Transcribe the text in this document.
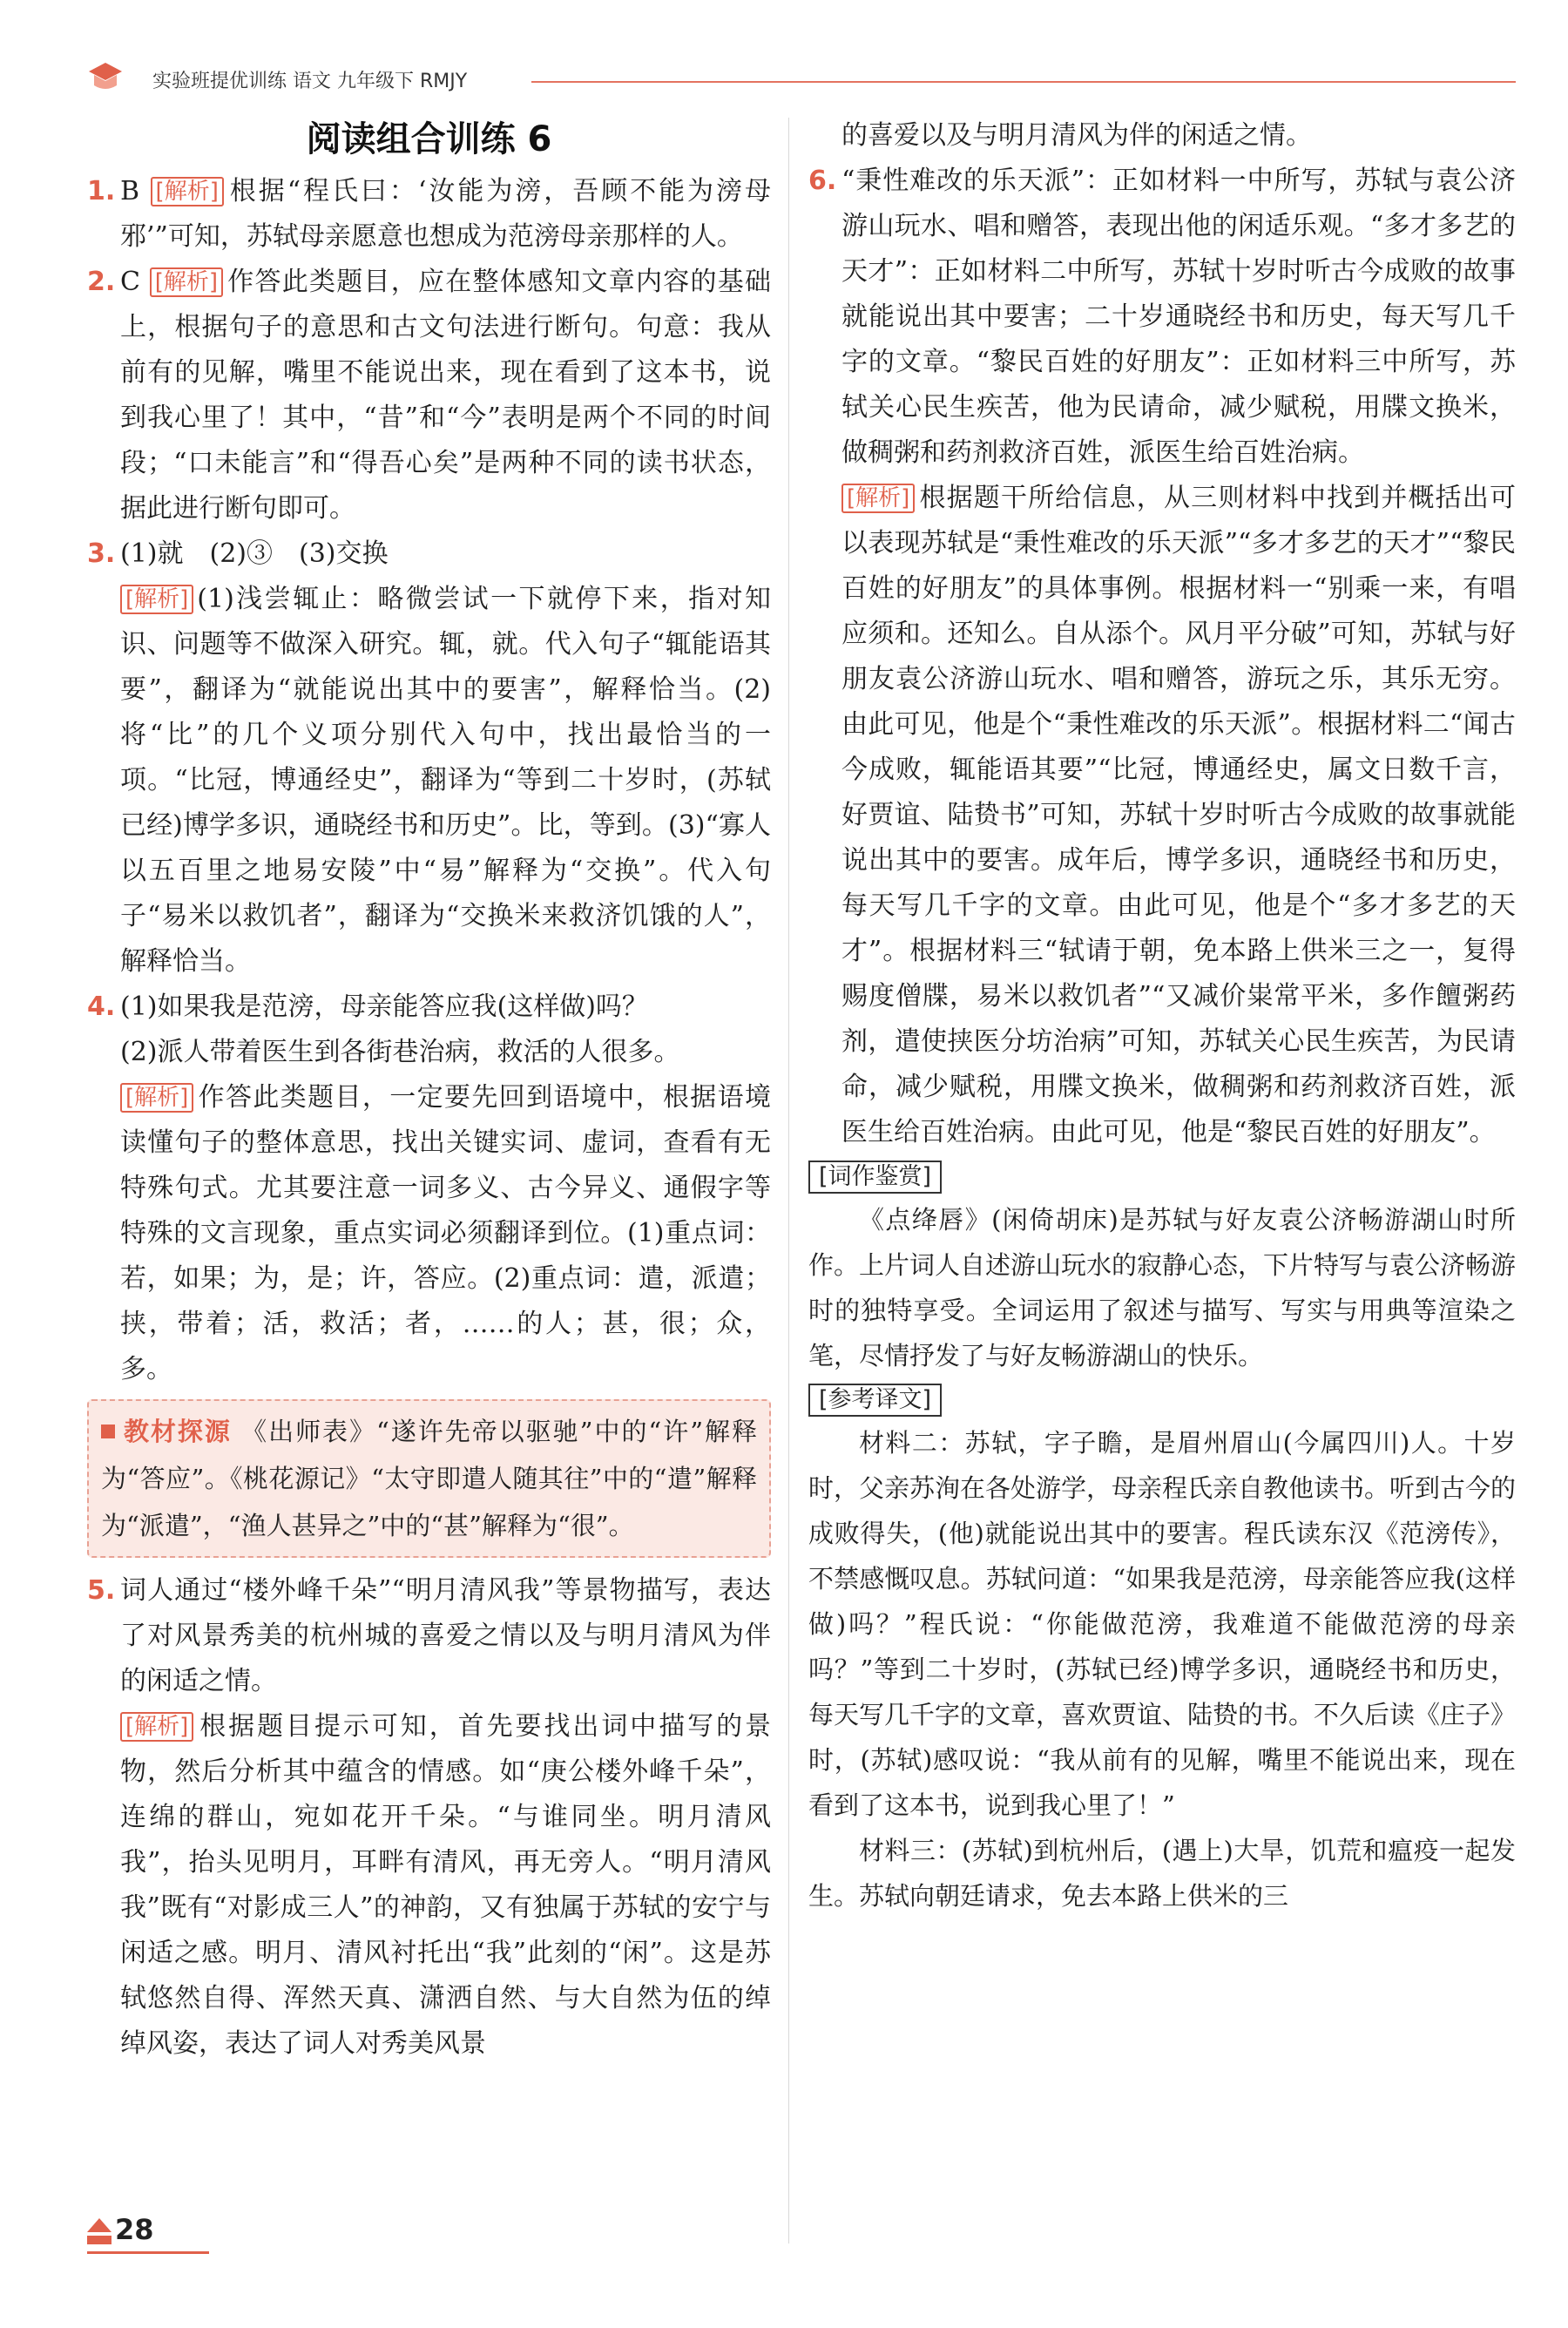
实验班提优训练 语文 九年级下 RMJY

阅读组合训练 6

1. B [解析] 根据“程氏曰：‘汝能为滂，吾顾不能为滂母邪’”可知，苏轼母亲愿意也想成为范滂母亲那样的人。

2. C [解析] 作答此类题目，应在整体感知文章内容的基础上，根据句子的意思和古文句法进行断句。句意：我从前有的见解，嘴里不能说出来，现在看到了这本书，说到我心里了！其中，“昔”和“今”表明是两个不同的时间段；“口未能言”和“得吾心矣”是两种不同的读书状态，据此进行断句即可。

3. (1)就　(2)③　(3)交换

[解析] (1)浅尝辄止：略微尝试一下就停下来，指对知识、问题等不做深入研究。辄，就。代入句子“辄能语其要”，翻译为“就能说出其中的要害”，解释恰当。(2)将“比”的几个义项分别代入句中，找出最恰当的一项。“比冠，博通经史”，翻译为“等到二十岁时，(苏轼已经)博学多识，通晓经书和历史”。比，等到。(3)“寡人以五百里之地易安陵”中“易”解释为“交换”。代入句子“易米以救饥者”，翻译为“交换米来救济饥饿的人”，解释恰当。

4. (1)如果我是范滂，母亲能答应我(这样做)吗？

(2)派人带着医生到各街巷治病，救活的人很多。

[解析] 作答此类题目，一定要先回到语境中，根据语境读懂句子的整体意思，找出关键实词、虚词，查看有无特殊句式。尤其要注意一词多义、古今异义、通假字等特殊的文言现象，重点实词必须翻译到位。(1)重点词：若，如果；为，是；许，答应。(2)重点词：遣，派遣；挟，带着；活，救活；者，……的人；甚，很；众，多。

教材探源 《出师表》“遂许先帝以驱驰”中的“许”解释为“答应”。《桃花源记》“太守即遣人随其往”中的“遣”解释为“派遣”，“渔人甚异之”中的“甚”解释为“很”。

5. 词人通过“楼外峰千朵”“明月清风我”等景物描写，表达了对风景秀美的杭州城的喜爱之情以及与明月清风为伴的闲适之情。

[解析] 根据题目提示可知，首先要找出词中描写的景物，然后分析其中蕴含的情感。如“庚公楼外峰千朵”，连绵的群山，宛如花开千朵。“与谁同坐。明月清风我”，抬头见明月，耳畔有清风，再无旁人。“明月清风我”既有“对影成三人”的神韵，又有独属于苏轼的安宁与闲适之感。明月、清风衬托出“我”此刻的“闲”。这是苏轼悠然自得、浑然天真、潇洒自然、与大自然为伍的绰绰风姿，表达了词人对秀美风景

的喜爱以及与明月清风为伴的闲适之情。

6. “秉性难改的乐天派”：正如材料一中所写，苏轼与袁公济游山玩水、唱和赠答，表现出他的闲适乐观。“多才多艺的天才”：正如材料二中所写，苏轼十岁时听古今成败的故事就能说出其中要害；二十岁通晓经书和历史，每天写几千字的文章。“黎民百姓的好朋友”：正如材料三中所写，苏轼关心民生疾苦，他为民请命，减少赋税，用牒文换米，做稠粥和药剂救济百姓，派医生给百姓治病。

[解析] 根据题干所给信息，从三则材料中找到并概括出可以表现苏轼是“秉性难改的乐天派”“多才多艺的天才”“黎民百姓的好朋友”的具体事例。根据材料一“别乘一来，有唱应须和。还知么。自从添个。风月平分破”可知，苏轼与好朋友袁公济游山玩水、唱和赠答，游玩之乐，其乐无穷。由此可见，他是个“秉性难改的乐天派”。根据材料二“闻古今成败，辄能语其要”“比冠，博通经史，属文日数千言，好贾谊、陆贽书”可知，苏轼十岁时听古今成败的故事就能说出其中的要害。成年后，博学多识，通晓经书和历史，每天写几千字的文章。由此可见，他是个“多才多艺的天才”。根据材料三“轼请于朝，免本路上供米三之一，复得赐度僧牒，易米以救饥者”“又减价粜常平米，多作饘粥药剂，遣使挟医分坊治病”可知，苏轼关心民生疾苦，为民请命，减少赋税，用牒文换米，做稠粥和药剂救济百姓，派医生给百姓治病。由此可见，他是“黎民百姓的好朋友”。

[词作鉴赏]

《点绛唇》(闲倚胡床)是苏轼与好友袁公济畅游湖山时所作。上片词人自述游山玩水的寂静心态，下片特写与袁公济畅游时的独特享受。全词运用了叙述与描写、写实与用典等渲染之笔，尽情抒发了与好友畅游湖山的快乐。

[参考译文]

材料二：苏轼，字子瞻，是眉州眉山(今属四川)人。十岁时，父亲苏洵在各处游学，母亲程氏亲自教他读书。听到古今的成败得失，(他)就能说出其中的要害。程氏读东汉《范滂传》，不禁感慨叹息。苏轼问道：“如果我是范滂，母亲能答应我(这样做)吗？”程氏说：“你能做范滂，我难道不能做范滂的母亲吗？”等到二十岁时，(苏轼已经)博学多识，通晓经书和历史，每天写几千字的文章，喜欢贾谊、陆贽的书。不久后读《庄子》时，(苏轼)感叹说：“我从前有的见解，嘴里不能说出来，现在看到了这本书，说到我心里了！”

材料三：(苏轼)到杭州后，(遇上)大旱，饥荒和瘟疫一起发生。苏轼向朝廷请求，免去本路上供米的三

28
